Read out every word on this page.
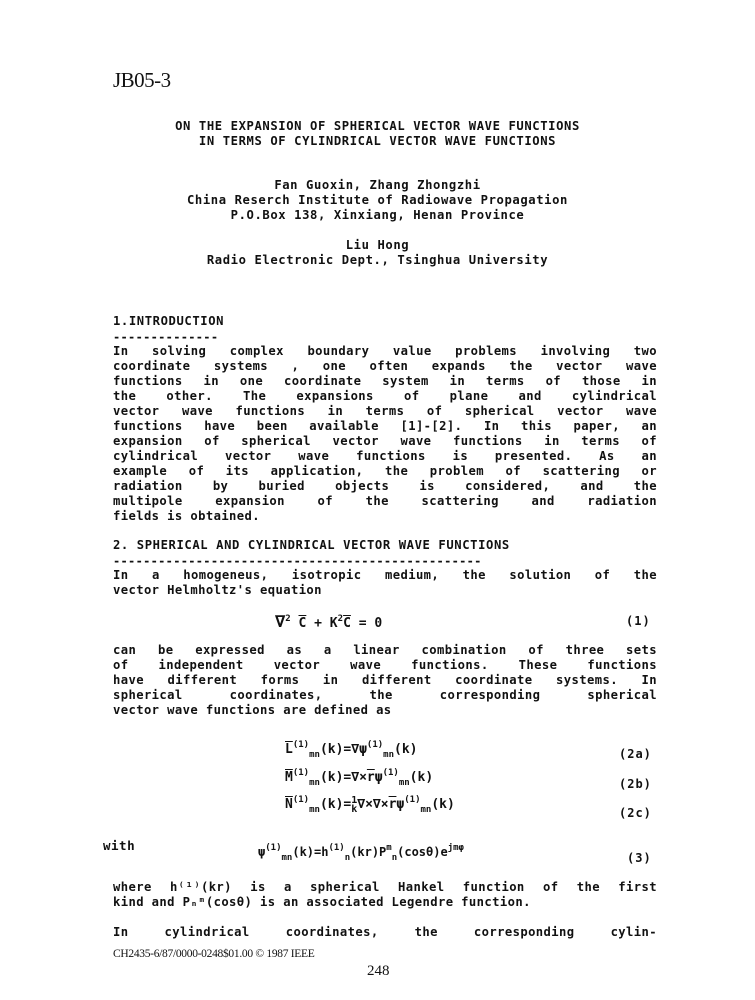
JB05-3
ON THE EXPANSION OF SPHERICAL VECTOR WAVE FUNCTIONS
IN TERMS OF CYLINDRICAL VECTOR WAVE FUNCTIONS
Fan Guoxin, Zhang Zhongzhi
China Reserch Institute of Radiowave Propagation
P.O.Box 138, Xinxiang, Henan Province
Liu Hong
Radio Electronic Dept., Tsinghua University
1.INTRODUCTION
--------------
In solving complex boundary value problems involving two
coordinate systems , one often expands the vector wave
functions in one coordinate system in terms of those in
the other. The expansions of plane and cylindrical
vector wave functions in terms of spherical vector wave
functions have been available [1]-[2]. In this paper, an
expansion of spherical vector wave functions in terms of
cylindrical vector wave functions is presented. As an
example of its application, the problem of scattering or
radiation by buried objects is considered, and the
multipole expansion of the scattering and radiation
fields is obtained.
2. SPHERICAL AND CYLINDRICAL VECTOR WAVE FUNCTIONS
-------------------------------------------------
In a homogeneus, isotropic medium, the solution of the
vector Helmholtz's equation
∇$^2$ $\overline{C} + K^2\overline{C} = 0$	(1)
can be expressed as a linear combination of three sets
of independent vector wave functions. These functions
have different forms in different coordinate systems. In
spherical coordinates, the corresponding spherical
vector wave functions are defined as
$\overline{L}^{(1)}_{mn}(k)=\nabla\psi^{(1)}_{mn}(k)$	(2a)
$\overline{M}^{(1)}_{mn}(k)=\nabla\times\overline{r}\psi^{(1)}_{mn}(k)$	(2b)
$\overline{N}^{(1)}_{mn}(k)= 1$
k $\nabla\times\nabla\times\overline{r}\psi^{(1)}_{mn}(k)$
(2c)
with	$\psi^{(1)}_{mn}(k)=h^{(1)}_n(kr)P^m_n(\cos\theta)e^{jm\varphi}$
(3)
where h⁽¹⁾(kr) is a spherical Hankel function of the first
kind and Pₙᵐ(cosθ) is an associated Legendre function.
In cylindrical coordinates, the corresponding cylin-
CH2435-6/87/0000-0248$01.00 © 1987 IEEE
248
